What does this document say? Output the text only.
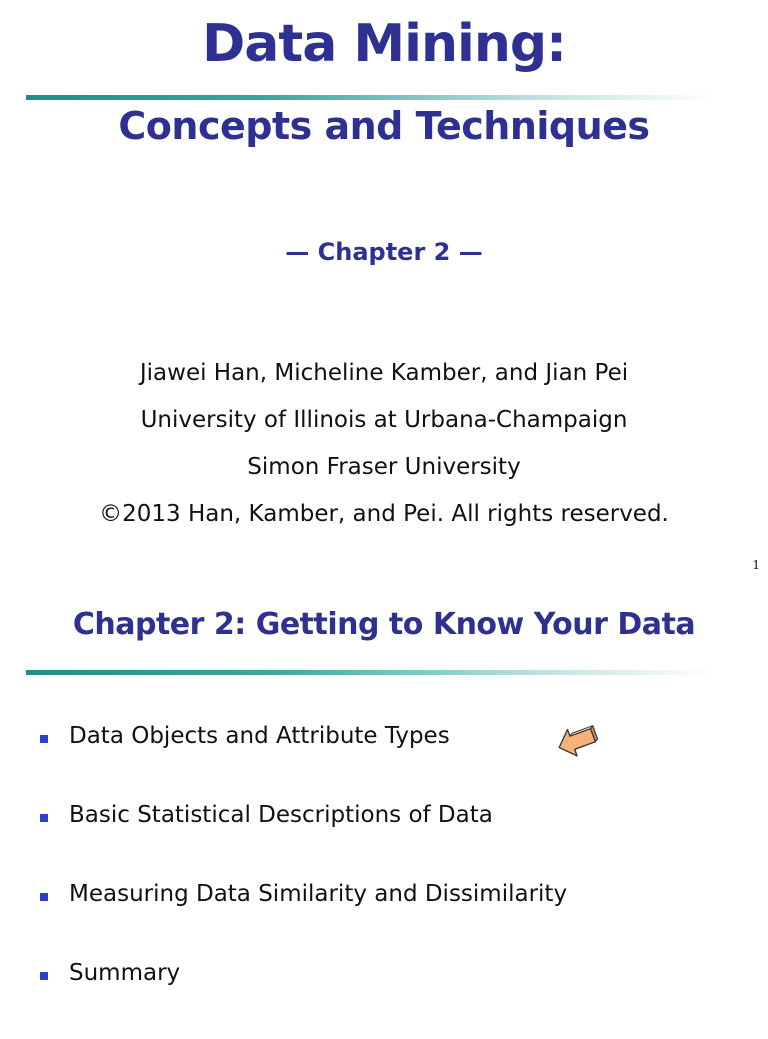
Data Mining:
Concepts and Techniques
— Chapter 2 —
Jiawei Han, Micheline Kamber, and Jian Pei
University of Illinois at Urbana-Champaign
Simon Fraser University
©2013 Han, Kamber, and Pei. All rights reserved.
1
Chapter 2: Getting to Know Your Data
Data Objects and Attribute Types
Basic Statistical Descriptions of Data
Measuring Data Similarity and Dissimilarity
Summary
